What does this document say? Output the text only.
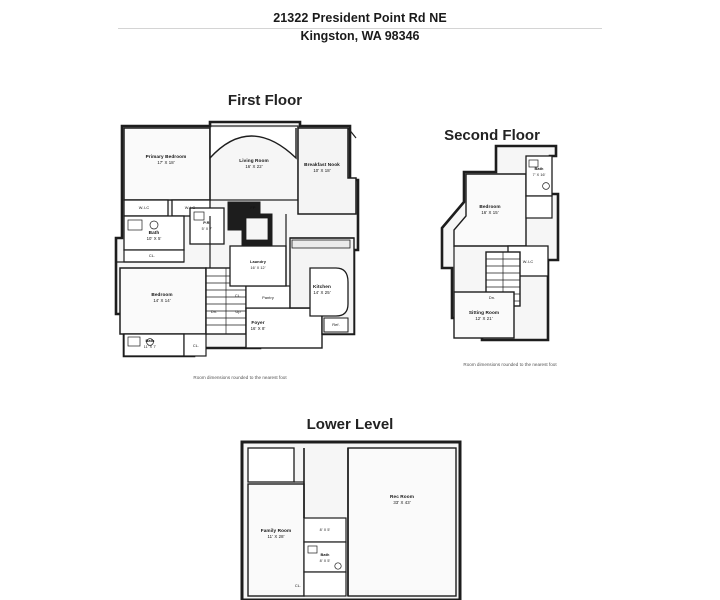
21322 President Point Rd NE
Kingston, WA 98346
First Floor
Primary Bedroom
17' X 18'	Living Room
16' X 22'	Breakfast Nook
10' X 18'
Bath
10' X 5'
P.R.
5' X 7'
Bedroom
14' X 14'
Laundry
16' X 12'
Kitchen
14' X 25'
Bath
11' X 7'
Foyer
16' X 8'
W-I-C	W-I-C
CL.
CL.
CL.
Pantry
Dn.	Up
Ref.
FP
Room dimensions rounded to the nearest foot
Second Floor
Bedroom
16' X 15'
Bath
7' X 16'
Sitting Room
12' X 21'
W-I-C
Dn.
Room dimensions rounded to the nearest foot
Lower Level
Rec Room
33' X 43'
Family Room
11' X 28'
8' X 5'
Bath
8' X 5'
CL.
